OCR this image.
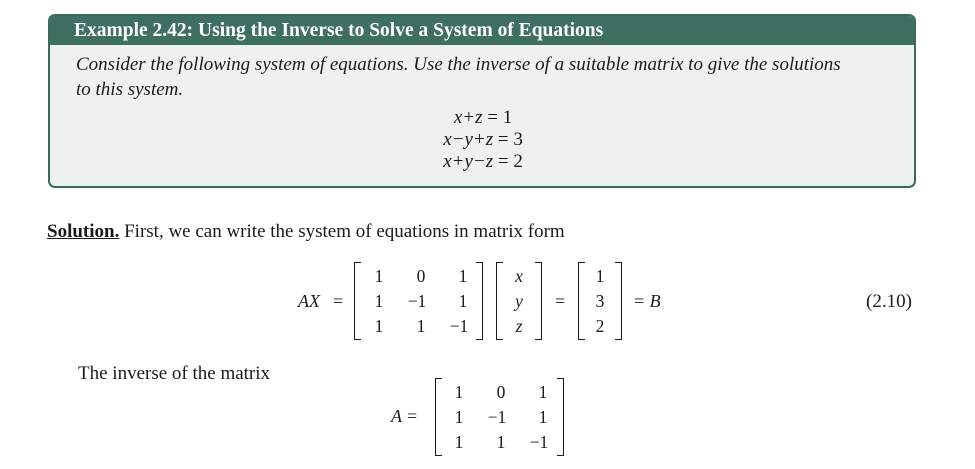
Example 2.42: Using the Inverse to Solve a System of Equations
Consider the following system of equations. Use the inverse of a suitable matrix to give the solutions
to this system.
x+z = 1
x−y+z = 3
x+y−z = 2
Solution. First, we can write the system of equations in matrix form
AX =
1	0	1
1	−1	1
1	1	−1
x
y
z
=
1
3
2
= B	(2.10)
The inverse of the matrix
A =
1	0	1
1	−1	1
1	1	−1
